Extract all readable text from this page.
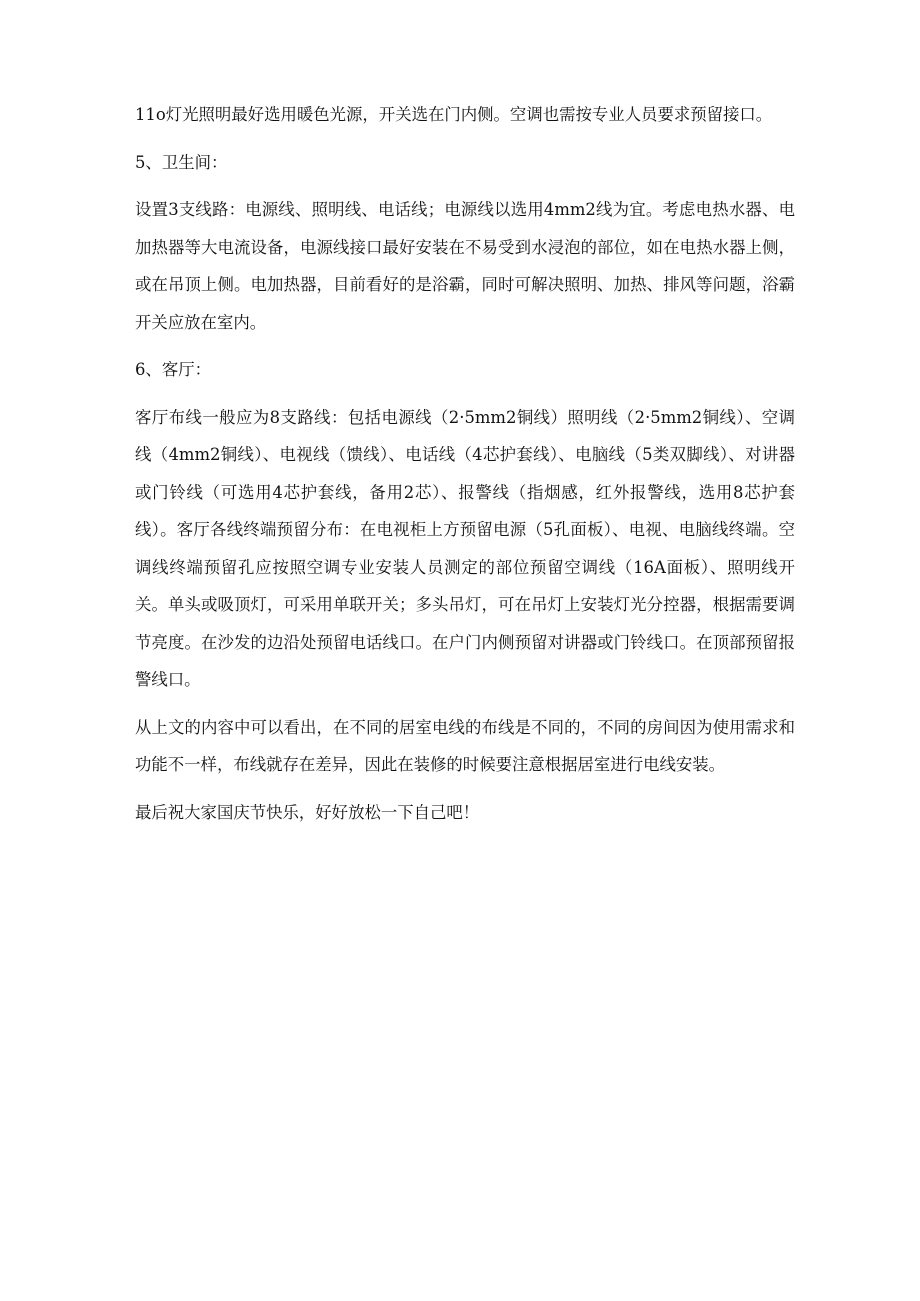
11o灯光照明最好选用暖色光源，开关选在门内侧。空调也需按专业人员要求预留接口。

5、卫生间：

设置3支线路：电源线、照明线、电话线；电源线以选用4mm2线为宜。考虑电热水器、电加热器等大电流设备，电源线接口最好安装在不易受到水浸泡的部位，如在电热水器上侧，或在吊顶上侧。电加热器，目前看好的是浴霸，同时可解决照明、加热、排风等问题，浴霸开关应放在室内。

6、客厅：

客厅布线一般应为8支路线：包括电源线（2·5mm2铜线）照明线（2·5mm2铜线）、空调线（4mm2铜线）、电视线（馈线）、电话线（4芯护套线）、电脑线（5类双脚线）、对讲器或门铃线（可选用4芯护套线，备用2芯）、报警线（指烟感，红外报警线，选用8芯护套线）。客厅各线终端预留分布：在电视柜上方预留电源（5孔面板）、电视、电脑线终端。空调线终端预留孔应按照空调专业安装人员测定的部位预留空调线（16A面板）、照明线开关。单头或吸顶灯，可采用单联开关；多头吊灯，可在吊灯上安装灯光分控器，根据需要调节亮度。在沙发的边沿处预留电话线口。在户门内侧预留对讲器或门铃线口。在顶部预留报警线口。

从上文的内容中可以看出，在不同的居室电线的布线是不同的，不同的房间因为使用需求和功能不一样，布线就存在差异，因此在装修的时候要注意根据居室进行电线安装。

最后祝大家国庆节快乐，好好放松一下自己吧！
